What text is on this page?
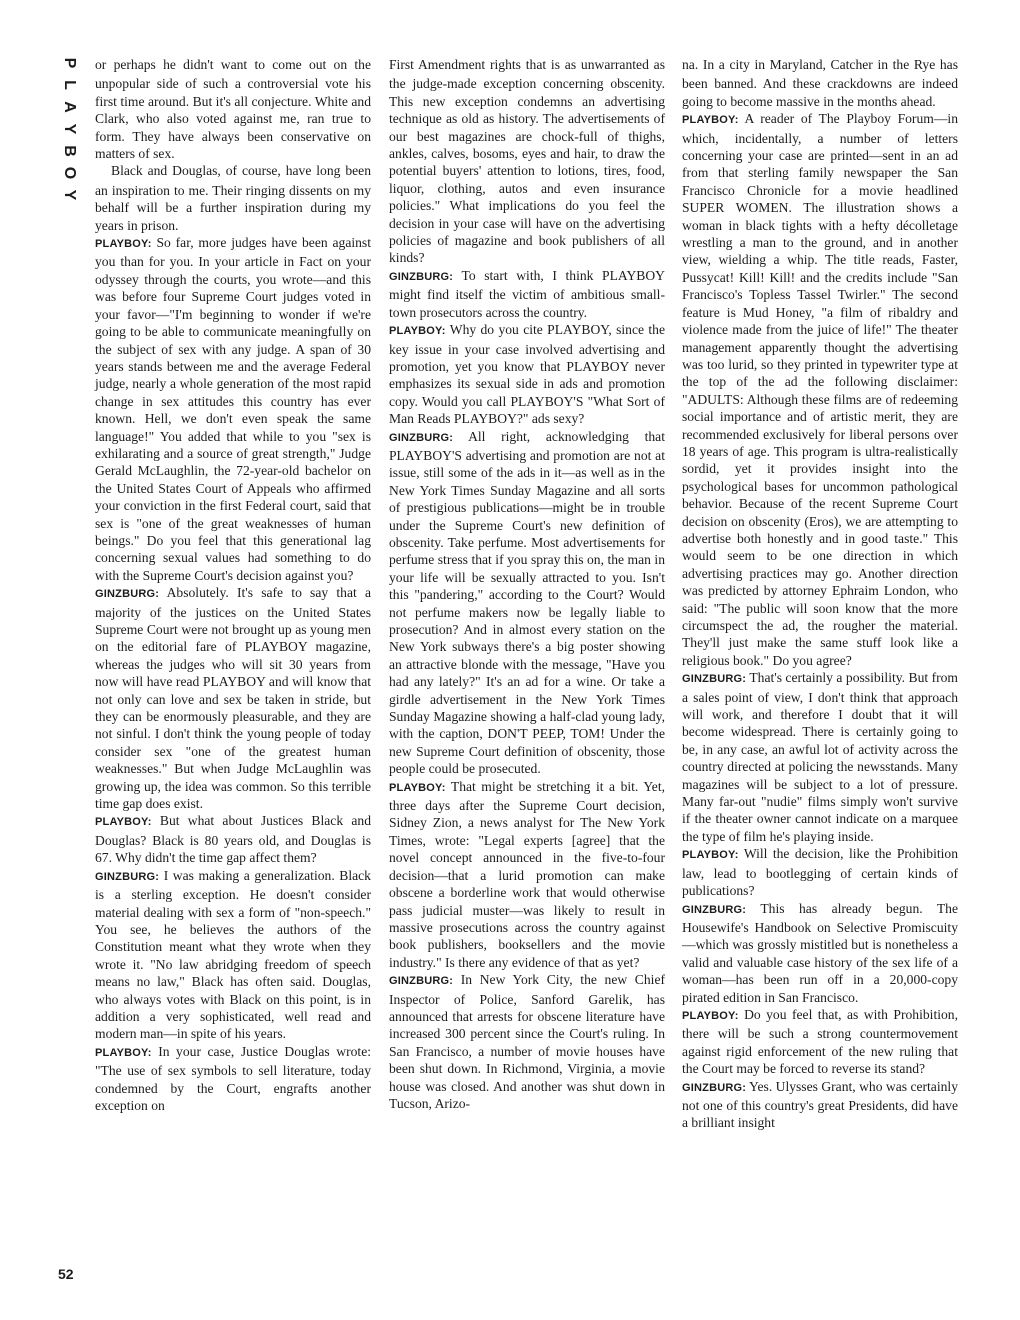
P
L
A
Y
B
O
Y
52

or perhaps he didn't want to come out on the unpopular side of such a controversial vote his first time around. But it's all conjecture. White and Clark, who also voted against me, ran true to form. They have always been conservative on matters of sex.

Black and Douglas, of course, have long been an inspiration to me. Their ringing dissents on my behalf will be a further inspiration during my years in prison.

PLAYBOY: So far, more judges have been against you than for you. In your article in Fact on your odyssey through the courts, you wrote—and this was before four Supreme Court judges voted in your favor—"I'm beginning to wonder if we're going to be able to communicate meaningfully on the subject of sex with any judge. A span of 30 years stands between me and the average Federal judge, nearly a whole generation of the most rapid change in sex attitudes this country has ever known. Hell, we don't even speak the same language!" You added that while to you "sex is exhilarating and a source of great strength," Judge Gerald McLaughlin, the 72-year-old bachelor on the United States Court of Appeals who affirmed your conviction in the first Federal court, said that sex is "one of the great weaknesses of human beings." Do you feel that this generational lag concerning sexual values had something to do with the Supreme Court's decision against you?

GINZBURG: Absolutely. It's safe to say that a majority of the justices on the United States Supreme Court were not brought up as young men on the editorial fare of PLAYBOY magazine, whereas the judges who will sit 30 years from now will have read PLAYBOY and will know that not only can love and sex be taken in stride, but they can be enormously pleasurable, and they are not sinful. I don't think the young people of today consider sex "one of the greatest human weaknesses." But when Judge McLaughlin was growing up, the idea was common. So this terrible time gap does exist.

PLAYBOY: But what about Justices Black and Douglas? Black is 80 years old, and Douglas is 67. Why didn't the time gap affect them?

GINZBURG: I was making a generalization. Black is a sterling exception. He doesn't consider material dealing with sex a form of "non-speech." You see, he believes the authors of the Constitution meant what they wrote when they wrote it. "No law abridging freedom of speech means no law," Black has often said. Douglas, who always votes with Black on this point, is in addition a very sophisticated, well read and modern man—in spite of his years.

PLAYBOY: In your case, Justice Douglas wrote: "The use of sex symbols to sell literature, today condemned by the Court, engrafts another exception on

First Amendment rights that is as unwarranted as the judge-made exception concerning obscenity. This new exception condemns an advertising technique as old as history. The advertisements of our best magazines are chock-full of thighs, ankles, calves, bosoms, eyes and hair, to draw the potential buyers' attention to lotions, tires, food, liquor, clothing, autos and even insurance policies." What implications do you feel the decision in your case will have on the advertising policies of magazine and book publishers of all kinds?

GINZBURG: To start with, I think PLAYBOY might find itself the victim of ambitious small-town prosecutors across the country.

PLAYBOY: Why do you cite PLAYBOY, since the key issue in your case involved advertising and promotion, yet you know that PLAYBOY never emphasizes its sexual side in ads and promotion copy. Would you call PLAYBOY'S "What Sort of Man Reads PLAYBOY?" ads sexy?

GINZBURG: All right, acknowledging that PLAYBOY'S advertising and promotion are not at issue, still some of the ads in it—as well as in the New York Times Sunday Magazine and all sorts of prestigious publications—might be in trouble under the Supreme Court's new definition of obscenity. Take perfume. Most advertisements for perfume stress that if you spray this on, the man in your life will be sexually attracted to you. Isn't this "pandering," according to the Court? Would not perfume makers now be legally liable to prosecution? And in almost every station on the New York subways there's a big poster showing an attractive blonde with the message, "Have you had any lately?" It's an ad for a wine. Or take a girdle advertisement in the New York Times Sunday Magazine showing a half-clad young lady, with the caption, DON'T PEEP, TOM! Under the new Supreme Court definition of obscenity, those people could be prosecuted.

PLAYBOY: That might be stretching it a bit. Yet, three days after the Supreme Court decision, Sidney Zion, a news analyst for The New York Times, wrote: "Legal experts [agree] that the novel concept announced in the five-to-four decision—that a lurid promotion can make obscene a borderline work that would otherwise pass judicial muster—was likely to result in massive prosecutions across the country against book publishers, booksellers and the movie industry." Is there any evidence of that as yet?

GINZBURG: In New York City, the new Chief Inspector of Police, Sanford Garelik, has announced that arrests for obscene literature have increased 300 percent since the Court's ruling. In San Francisco, a number of movie houses have been shut down. In Richmond, Virginia, a movie house was closed. And another was shut down in Tucson, Arizo-

na. In a city in Maryland, Catcher in the Rye has been banned. And these crackdowns are indeed going to become massive in the months ahead.

PLAYBOY: A reader of The Playboy Forum—in which, incidentally, a number of letters concerning your case are printed—sent in an ad from that sterling family newspaper the San Francisco Chronicle for a movie headlined SUPER WOMEN. The illustration shows a woman in black tights with a hefty décolletage wrestling a man to the ground, and in another view, wielding a whip. The title reads, Faster, Pussycat! Kill! Kill! and the credits include "San Francisco's Topless Tassel Twirler." The second feature is Mud Honey, "a film of ribaldry and violence made from the juice of life!" The theater management apparently thought the advertising was too lurid, so they printed in typewriter type at the top of the ad the following disclaimer: "ADULTS: Although these films are of redeeming social importance and of artistic merit, they are recommended exclusively for liberal persons over 18 years of age. This program is ultra-realistically sordid, yet it provides insight into the psychological bases for uncommon pathological behavior. Because of the recent Supreme Court decision on obscenity (Eros), we are attempting to advertise both honestly and in good taste." This would seem to be one direction in which advertising practices may go. Another direction was predicted by attorney Ephraim London, who said: "The public will soon know that the more circumspect the ad, the rougher the material. They'll just make the same stuff look like a religious book." Do you agree?

GINZBURG: That's certainly a possibility. But from a sales point of view, I don't think that approach will work, and therefore I doubt that it will become widespread. There is certainly going to be, in any case, an awful lot of activity across the country directed at policing the newsstands. Many magazines will be subject to a lot of pressure. Many far-out "nudie" films simply won't survive if the theater owner cannot indicate on a marquee the type of film he's playing inside.

PLAYBOY: Will the decision, like the Prohibition law, lead to bootlegging of certain kinds of publications?

GINZBURG: This has already begun. The Housewife's Handbook on Selective Promiscuity—which was grossly mistitled but is nonetheless a valid and valuable case history of the sex life of a woman—has been run off in a 20,000-copy pirated edition in San Francisco.

PLAYBOY: Do you feel that, as with Prohibition, there will be such a strong countermovement against rigid enforcement of the new ruling that the Court may be forced to reverse its stand?

GINZBURG: Yes. Ulysses Grant, who was certainly not one of this country's great Presidents, did have a brilliant insight
